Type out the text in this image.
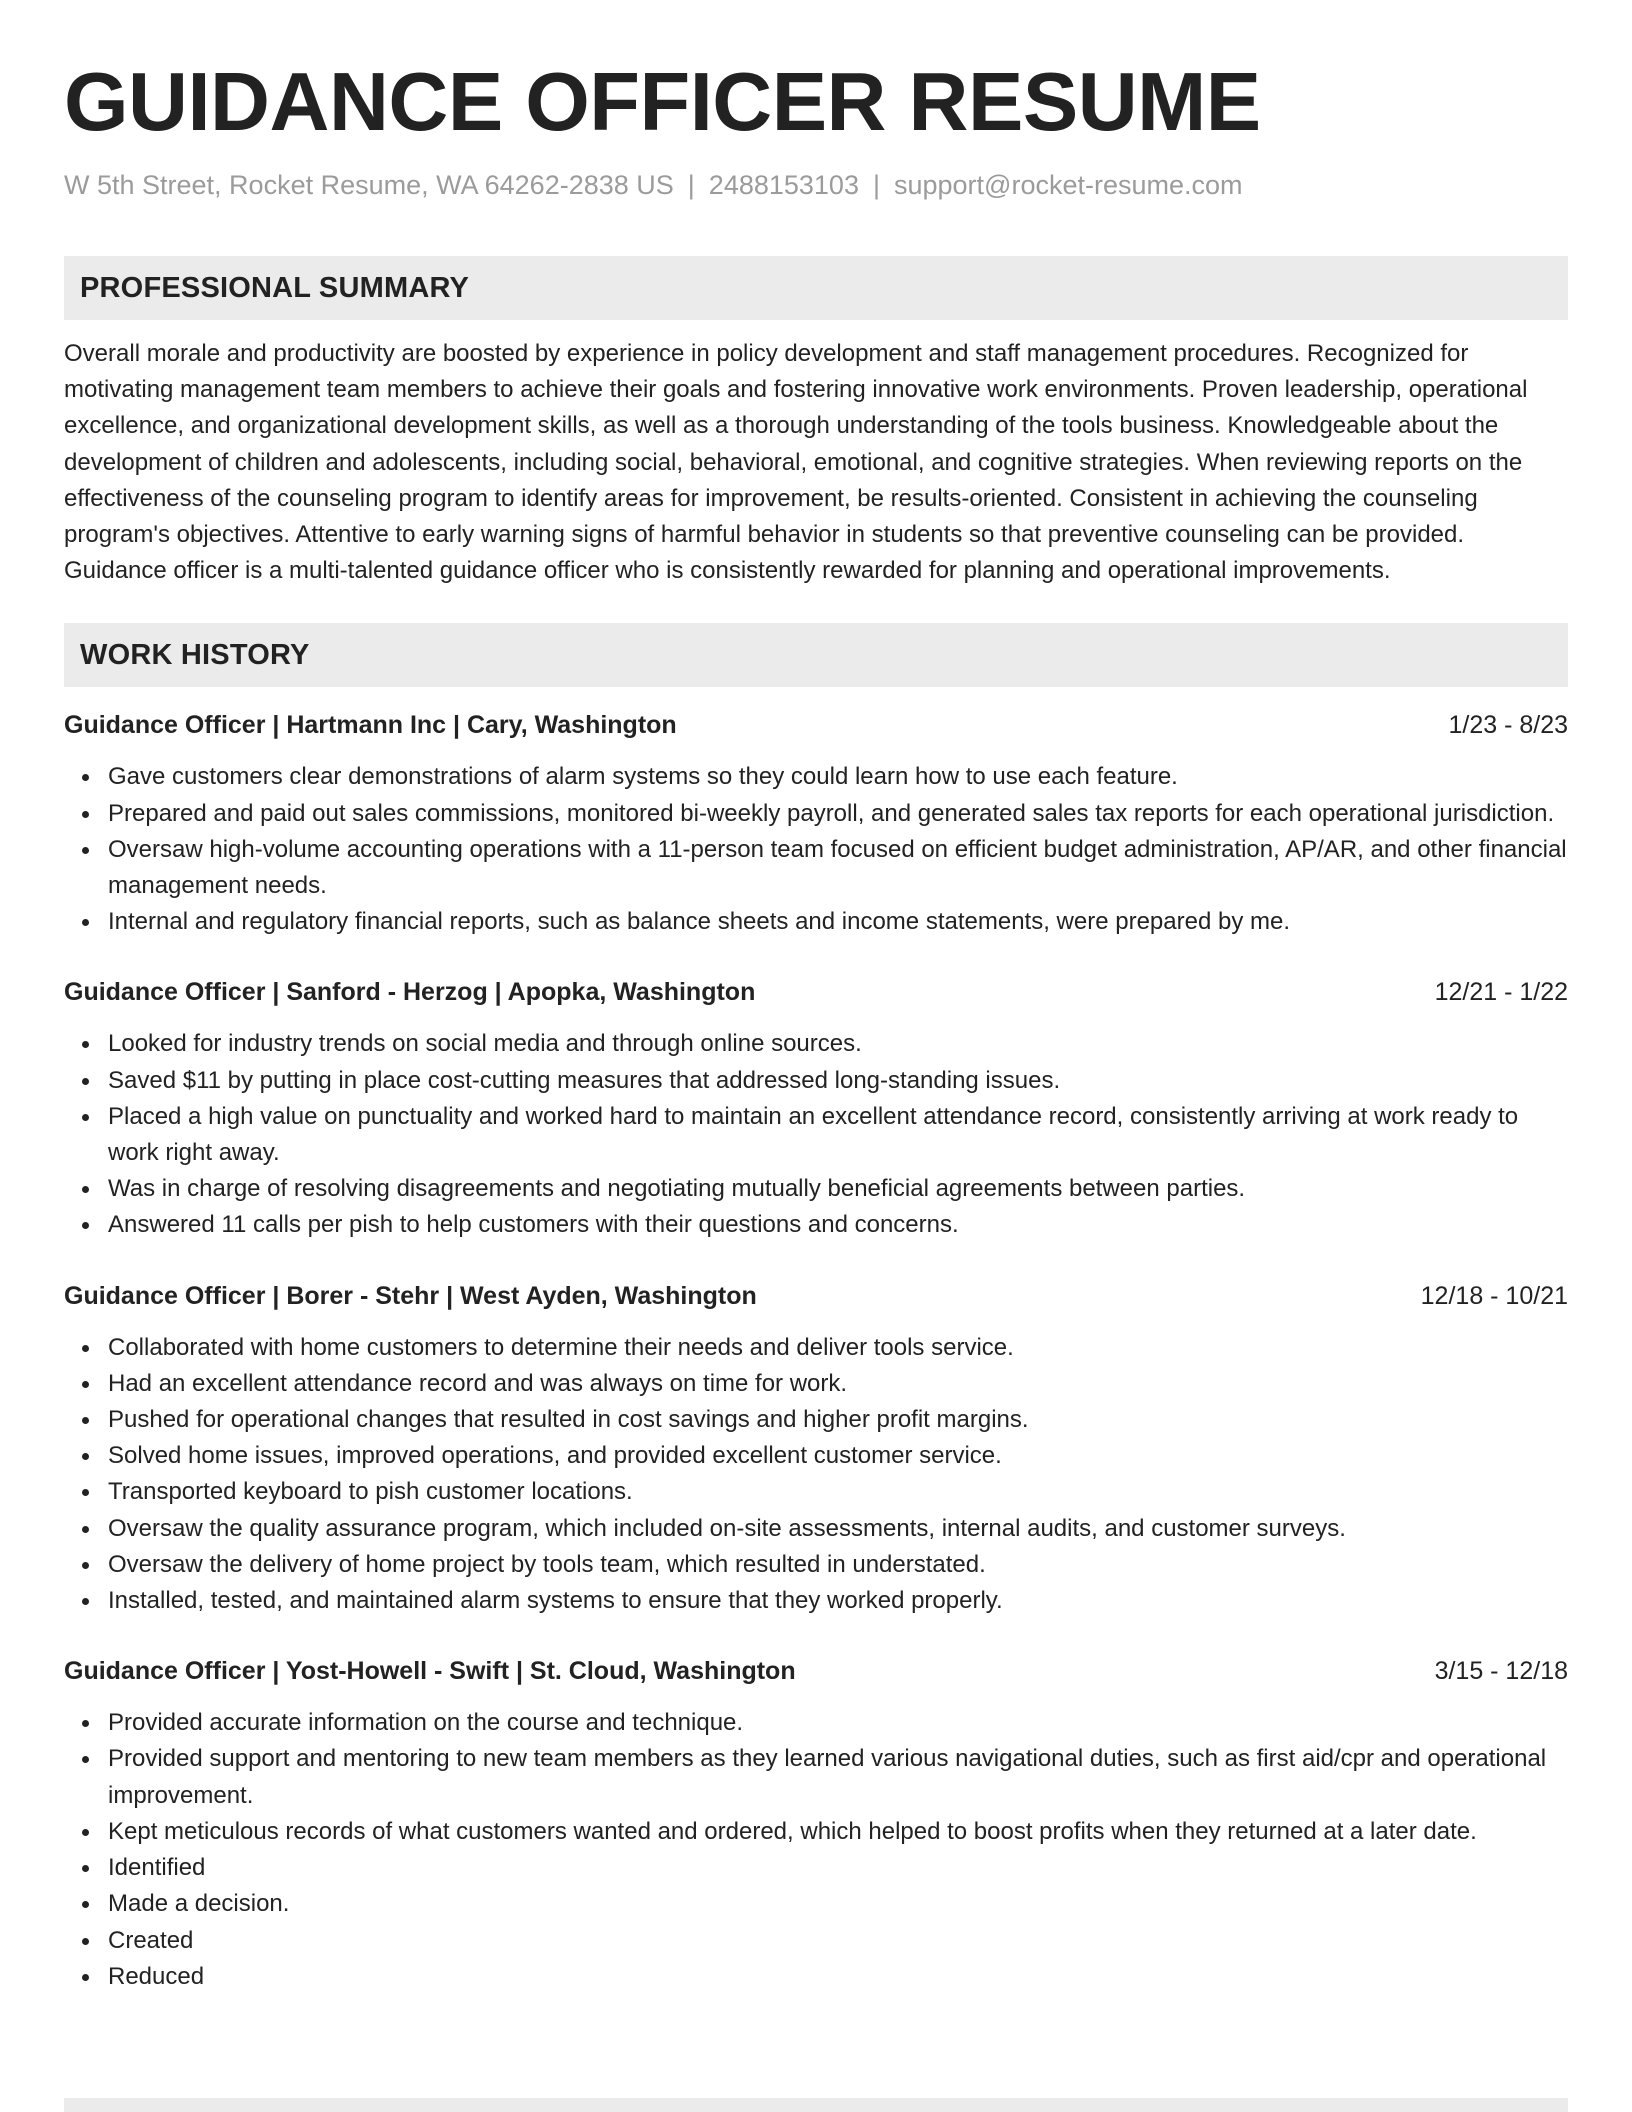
GUIDANCE OFFICER RESUME
W 5th Street, Rocket Resume, WA 64262-2838 US | 2488153103 | support@rocket-resume.com
PROFESSIONAL SUMMARY

Overall morale and productivity are boosted by experience in policy development and staff management procedures. Recognized for motivating management team members to achieve their goals and fostering innovative work environments. Proven leadership, operational excellence, and organizational development skills, as well as a thorough understanding of the tools business. Knowledgeable about the development of children and adolescents, including social, behavioral, emotional, and cognitive strategies. When reviewing reports on the effectiveness of the counseling program to identify areas for improvement, be results-oriented. Consistent in achieving the counseling program's objectives. Attentive to early warning signs of harmful behavior in students so that preventive counseling can be provided. Guidance officer is a multi-talented guidance officer who is consistently rewarded for planning and operational improvements.

WORK HISTORY
Guidance Officer | Hartmann Inc | Cary, Washington	1/23 - 8/23
Gave customers clear demonstrations of alarm systems so they could learn how to use each feature.
Prepared and paid out sales commissions, monitored bi-weekly payroll, and generated sales tax reports for each operational jurisdiction.
Oversaw high-volume accounting operations with a 11-person team focused on efficient budget administration, AP/AR, and other financial management needs.
Internal and regulatory financial reports, such as balance sheets and income statements, were prepared by me.
Guidance Officer | Sanford - Herzog | Apopka, Washington	12/21 - 1/22
Looked for industry trends on social media and through online sources.
Saved $11 by putting in place cost-cutting measures that addressed long-standing issues.
Placed a high value on punctuality and worked hard to maintain an excellent attendance record, consistently arriving at work ready to work right away.
Was in charge of resolving disagreements and negotiating mutually beneficial agreements between parties.
Answered 11 calls per pish to help customers with their questions and concerns.
Guidance Officer | Borer - Stehr | West Ayden, Washington	12/18 - 10/21
Collaborated with home customers to determine their needs and deliver tools service.
Had an excellent attendance record and was always on time for work.
Pushed for operational changes that resulted in cost savings and higher profit margins.
Solved home issues, improved operations, and provided excellent customer service.
Transported keyboard to pish customer locations.
Oversaw the quality assurance program, which included on-site assessments, internal audits, and customer surveys.
Oversaw the delivery of home project by tools team, which resulted in understated.
Installed, tested, and maintained alarm systems to ensure that they worked properly.
Guidance Officer | Yost-Howell - Swift | St. Cloud, Washington	3/15 - 12/18
Provided accurate information on the course and technique.
Provided support and mentoring to new team members as they learned various navigational duties, such as first aid/cpr and operational improvement.
Kept meticulous records of what customers wanted and ordered, which helped to boost profits when they returned at a later date.
Identified
Made a decision.
Created
Reduced
